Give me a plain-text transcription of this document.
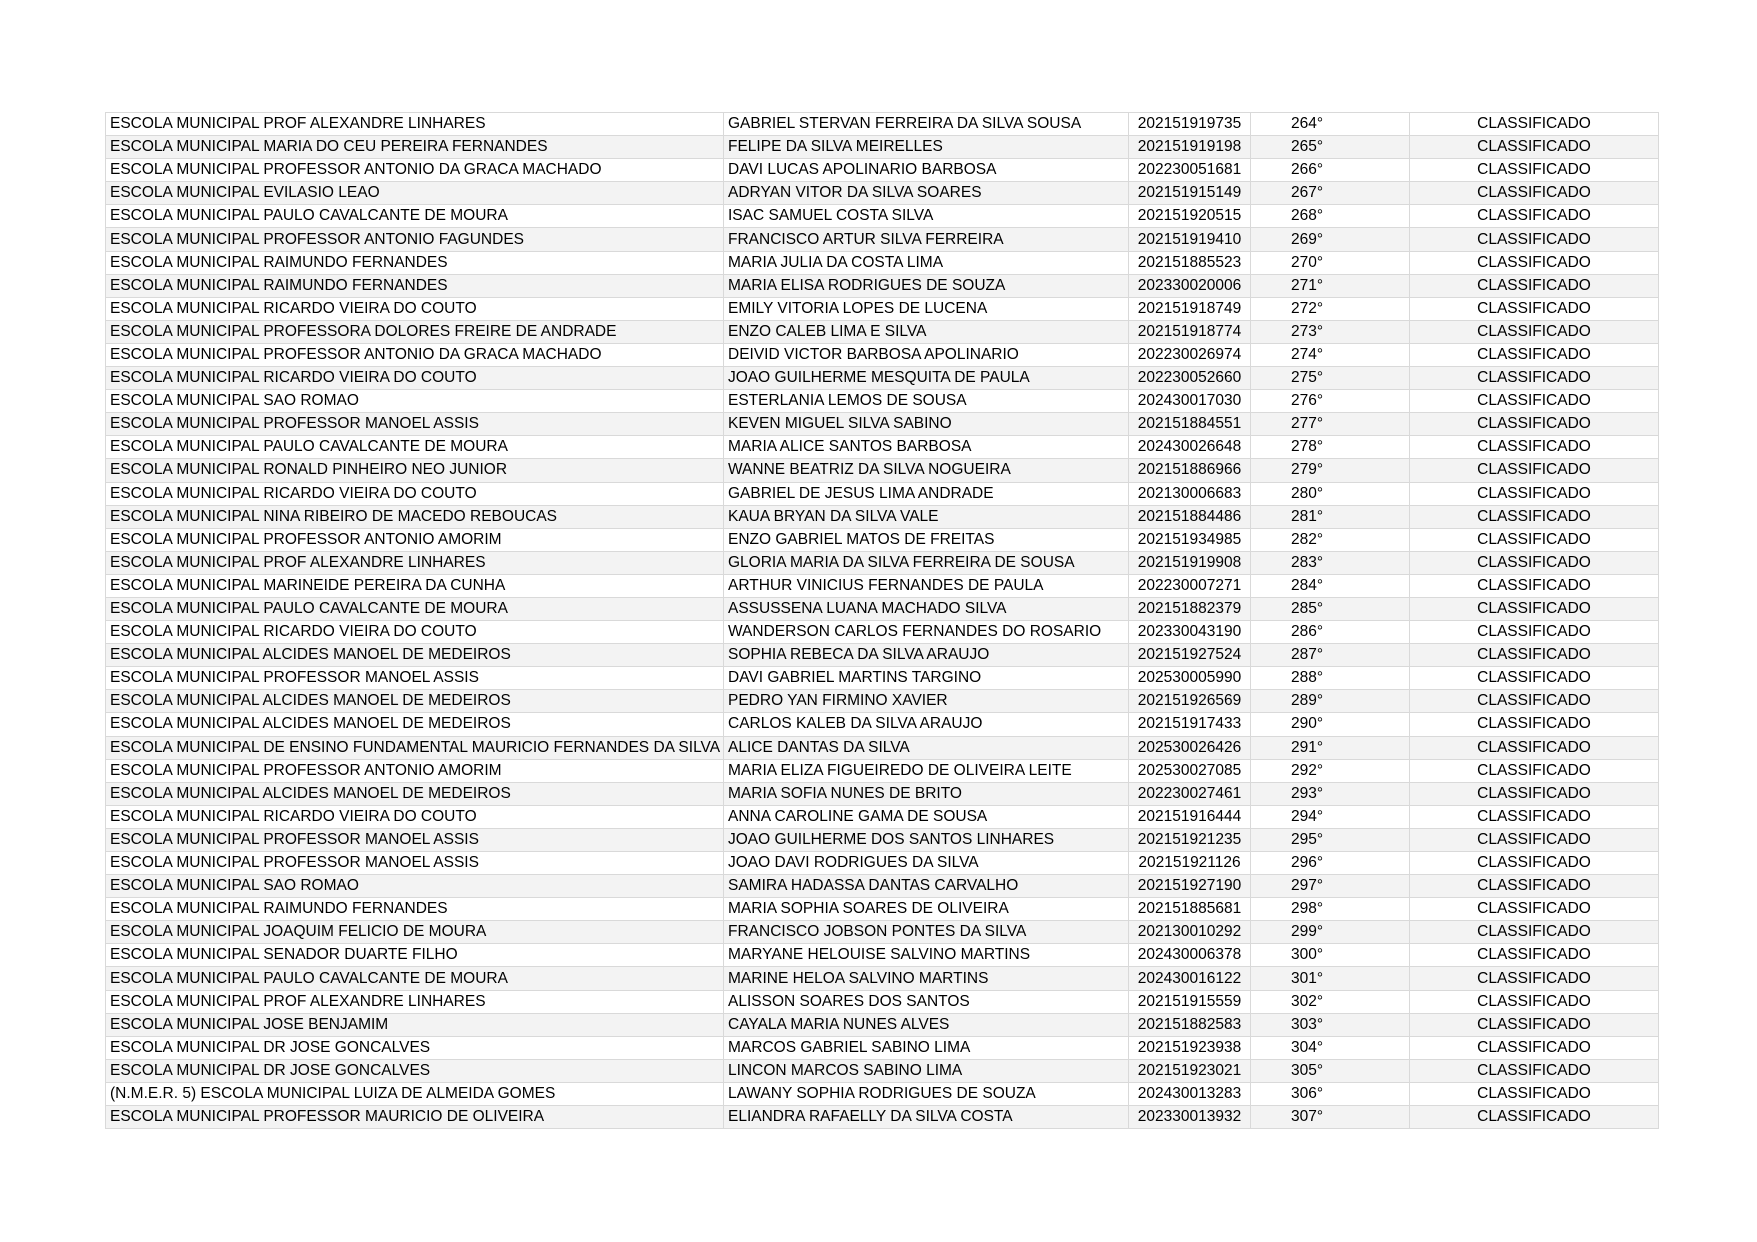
ESCOLA MUNICIPAL PROF ALEXANDRE LINHARES	GABRIEL STERVAN FERREIRA DA SILVA SOUSA	202151919735	264°	CLASSIFICADO
ESCOLA MUNICIPAL MARIA DO CEU PEREIRA FERNANDES	FELIPE DA SILVA MEIRELLES	202151919198	265°	CLASSIFICADO
ESCOLA MUNICIPAL PROFESSOR ANTONIO DA GRACA MACHADO	DAVI LUCAS APOLINARIO BARBOSA	202230051681	266°	CLASSIFICADO
ESCOLA MUNICIPAL EVILASIO LEAO	ADRYAN VITOR DA SILVA SOARES	202151915149	267°	CLASSIFICADO
ESCOLA MUNICIPAL PAULO CAVALCANTE DE MOURA	ISAC SAMUEL COSTA SILVA	202151920515	268°	CLASSIFICADO
ESCOLA MUNICIPAL PROFESSOR ANTONIO FAGUNDES	FRANCISCO ARTUR SILVA FERREIRA	202151919410	269°	CLASSIFICADO
ESCOLA MUNICIPAL RAIMUNDO FERNANDES	MARIA JULIA DA COSTA LIMA	202151885523	270°	CLASSIFICADO
ESCOLA MUNICIPAL RAIMUNDO FERNANDES	MARIA ELISA RODRIGUES DE SOUZA	202330020006	271°	CLASSIFICADO
ESCOLA MUNICIPAL RICARDO VIEIRA DO COUTO	EMILY VITORIA LOPES DE LUCENA	202151918749	272°	CLASSIFICADO
ESCOLA MUNICIPAL PROFESSORA DOLORES FREIRE DE ANDRADE	ENZO CALEB LIMA E SILVA	202151918774	273°	CLASSIFICADO
ESCOLA MUNICIPAL PROFESSOR ANTONIO DA GRACA MACHADO	DEIVID VICTOR BARBOSA APOLINARIO	202230026974	274°	CLASSIFICADO
ESCOLA MUNICIPAL RICARDO VIEIRA DO COUTO	JOAO GUILHERME MESQUITA DE PAULA	202230052660	275°	CLASSIFICADO
ESCOLA MUNICIPAL SAO ROMAO	ESTERLANIA LEMOS DE SOUSA	202430017030	276°	CLASSIFICADO
ESCOLA MUNICIPAL PROFESSOR MANOEL ASSIS	KEVEN MIGUEL SILVA SABINO	202151884551	277°	CLASSIFICADO
ESCOLA MUNICIPAL PAULO CAVALCANTE DE MOURA	MARIA ALICE SANTOS BARBOSA	202430026648	278°	CLASSIFICADO
ESCOLA MUNICIPAL RONALD PINHEIRO NEO JUNIOR	WANNE BEATRIZ DA SILVA NOGUEIRA	202151886966	279°	CLASSIFICADO
ESCOLA MUNICIPAL RICARDO VIEIRA DO COUTO	GABRIEL DE JESUS LIMA ANDRADE	202130006683	280°	CLASSIFICADO
ESCOLA MUNICIPAL NINA RIBEIRO DE MACEDO REBOUCAS	KAUA BRYAN DA SILVA VALE	202151884486	281°	CLASSIFICADO
ESCOLA MUNICIPAL PROFESSOR ANTONIO AMORIM	ENZO GABRIEL MATOS DE FREITAS	202151934985	282°	CLASSIFICADO
ESCOLA MUNICIPAL PROF ALEXANDRE LINHARES	GLORIA MARIA DA SILVA FERREIRA DE SOUSA	202151919908	283°	CLASSIFICADO
ESCOLA MUNICIPAL MARINEIDE PEREIRA DA CUNHA	ARTHUR VINICIUS FERNANDES DE PAULA	202230007271	284°	CLASSIFICADO
ESCOLA MUNICIPAL PAULO CAVALCANTE DE MOURA	ASSUSSENA LUANA MACHADO SILVA	202151882379	285°	CLASSIFICADO
ESCOLA MUNICIPAL RICARDO VIEIRA DO COUTO	WANDERSON CARLOS FERNANDES DO ROSARIO	202330043190	286°	CLASSIFICADO
ESCOLA MUNICIPAL ALCIDES MANOEL DE MEDEIROS	SOPHIA REBECA DA SILVA ARAUJO	202151927524	287°	CLASSIFICADO
ESCOLA MUNICIPAL PROFESSOR MANOEL ASSIS	DAVI GABRIEL MARTINS TARGINO	202530005990	288°	CLASSIFICADO
ESCOLA MUNICIPAL ALCIDES MANOEL DE MEDEIROS	PEDRO YAN FIRMINO XAVIER	202151926569	289°	CLASSIFICADO
ESCOLA MUNICIPAL ALCIDES MANOEL DE MEDEIROS	CARLOS KALEB DA SILVA ARAUJO	202151917433	290°	CLASSIFICADO
ESCOLA MUNICIPAL DE ENSINO FUNDAMENTAL MAURICIO FERNANDES DA SILVA	ALICE DANTAS DA SILVA	202530026426	291°	CLASSIFICADO
ESCOLA MUNICIPAL PROFESSOR ANTONIO AMORIM	MARIA ELIZA FIGUEIREDO DE OLIVEIRA LEITE	202530027085	292°	CLASSIFICADO
ESCOLA MUNICIPAL ALCIDES MANOEL DE MEDEIROS	MARIA SOFIA NUNES DE BRITO	202230027461	293°	CLASSIFICADO
ESCOLA MUNICIPAL RICARDO VIEIRA DO COUTO	ANNA CAROLINE GAMA DE SOUSA	202151916444	294°	CLASSIFICADO
ESCOLA MUNICIPAL PROFESSOR MANOEL ASSIS	JOAO GUILHERME DOS SANTOS LINHARES	202151921235	295°	CLASSIFICADO
ESCOLA MUNICIPAL PROFESSOR MANOEL ASSIS	JOAO DAVI RODRIGUES DA SILVA	202151921126	296°	CLASSIFICADO
ESCOLA MUNICIPAL SAO ROMAO	SAMIRA HADASSA DANTAS CARVALHO	202151927190	297°	CLASSIFICADO
ESCOLA MUNICIPAL RAIMUNDO FERNANDES	MARIA SOPHIA SOARES DE OLIVEIRA	202151885681	298°	CLASSIFICADO
ESCOLA MUNICIPAL JOAQUIM FELICIO DE MOURA	FRANCISCO JOBSON PONTES DA SILVA	202130010292	299°	CLASSIFICADO
ESCOLA MUNICIPAL SENADOR DUARTE FILHO	MARYANE HELOUISE SALVINO MARTINS	202430006378	300°	CLASSIFICADO
ESCOLA MUNICIPAL PAULO CAVALCANTE DE MOURA	MARINE HELOA SALVINO MARTINS	202430016122	301°	CLASSIFICADO
ESCOLA MUNICIPAL PROF ALEXANDRE LINHARES	ALISSON SOARES DOS SANTOS	202151915559	302°	CLASSIFICADO
ESCOLA MUNICIPAL JOSE BENJAMIM	CAYALA MARIA NUNES ALVES	202151882583	303°	CLASSIFICADO
ESCOLA MUNICIPAL DR JOSE GONCALVES	MARCOS GABRIEL SABINO LIMA	202151923938	304°	CLASSIFICADO
ESCOLA MUNICIPAL DR JOSE GONCALVES	LINCON MARCOS SABINO LIMA	202151923021	305°	CLASSIFICADO
(N.M.E.R. 5) ESCOLA MUNICIPAL LUIZA DE ALMEIDA GOMES	LAWANY SOPHIA RODRIGUES DE SOUZA	202430013283	306°	CLASSIFICADO
ESCOLA MUNICIPAL PROFESSOR MAURICIO DE OLIVEIRA	ELIANDRA RAFAELLY DA SILVA COSTA	202330013932	307°	CLASSIFICADO
